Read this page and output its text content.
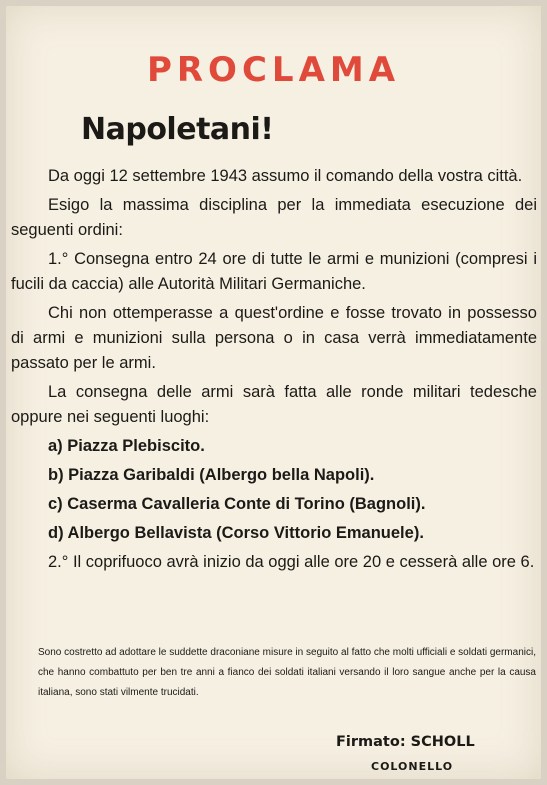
PROCLAMA
Napoletani!

Da oggi 12 settembre 1943 assumo il comando della vostra città.

Esigo la massima disciplina per la immediata esecuzione dei seguenti ordini:

1.° Consegna entro 24 ore di tutte le armi e munizioni (compresi i fucili da caccia) alle Autorità Militari Germaniche.

Chi non ottemperasse a quest'ordine e fosse trovato in possesso di armi e munizioni sulla persona o in casa verrà immediatamente passato per le armi.

La consegna delle armi sarà fatta alle ronde militari tedesche oppure nei seguenti luoghi:

a) Piazza Plebiscito.
b) Piazza Garibaldi (Albergo bella Napoli).
c) Caserma Cavalleria Conte di Torino (Bagnoli).
d) Albergo Bellavista (Corso Vittorio Emanuele).

2.° Il coprifuoco avrà inizio da oggi alle ore 20 e cesserà alle ore 6.

Sono costretto ad adottare le suddette draconiane misure in seguito al fatto che molti ufficiali e soldati germanici, che hanno combattuto per ben tre anni a fianco dei soldati italiani versando il loro sangue anche per la causa italiana, sono stati vilmente trucidati.
Firmato: SCHOLL
COLONELLO
